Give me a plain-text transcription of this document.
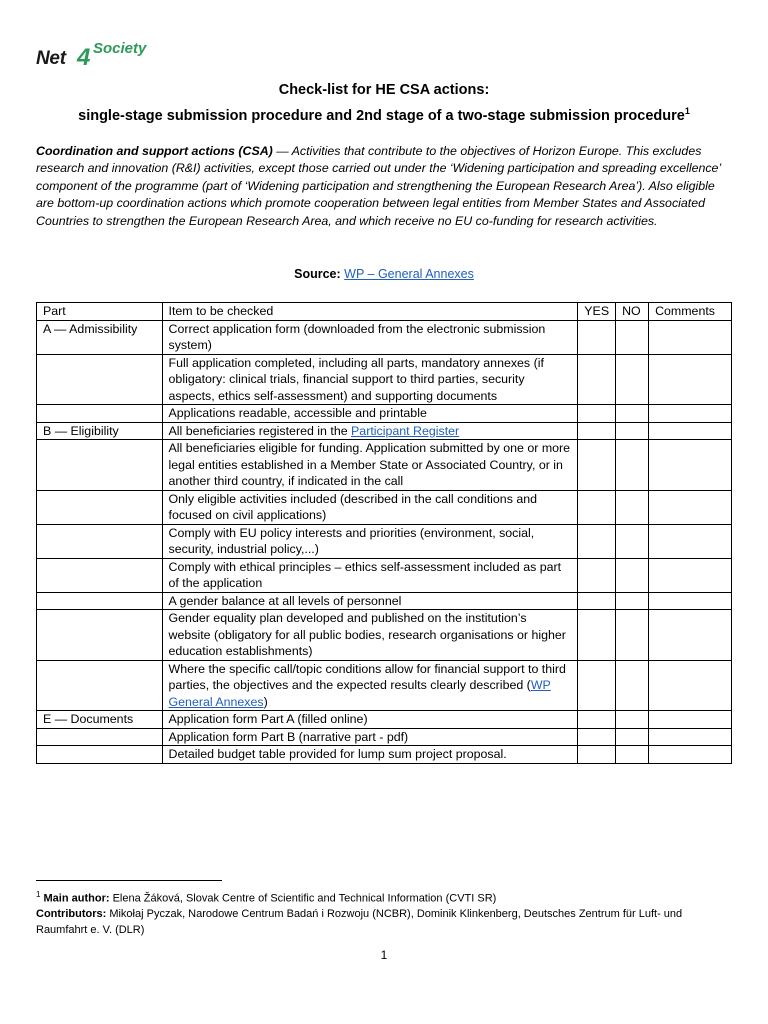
Net 4 Society
Check-list for HE CSA actions:
single-stage submission procedure and 2nd stage of a two-stage submission procedure$^1$
Coordination and support actions (CSA) — Activities that contribute to the objectives of Horizon Europe. This excludes research and innovation (R&I) activities, except those carried out under the ‘Widening participation and spreading excellence’ component of the programme (part of ‘Widening participation and strengthening the European Research Area’). Also eligible are bottom-up coordination actions which promote cooperation between legal entities from Member States and Associated Countries to strengthen the European Research Area, and which receive no EU co-funding for research activities.
Source: WP – General Annexes
Part	Item to be checked	YES	NO	Comments
A — Admissibility	Correct application form (downloaded from the electronic submission system)			
	Full application completed, including all parts, mandatory annexes (if obligatory: clinical trials, financial support to third parties, security aspects, ethics self-assessment) and supporting documents			
	Applications readable, accessible and printable			
B — Eligibility	All beneficiaries registered in the Participant Register			
	All beneficiaries eligible for funding. Application submitted by one or more legal entities established in a Member State or Associated Country, or in another third country, if indicated in the call			
	Only eligible activities included (described in the call conditions and focused on civil applications)			
	Comply with EU policy interests and priorities (environment, social, security, industrial policy,...)			
	Comply with ethical principles – ethics self-assessment included as part of the application			
	A gender balance at all levels of personnel			
	Gender equality plan developed and published on the institution’s website (obligatory for all public bodies, research organisations or higher education establishments)			
	Where the specific call/topic conditions allow for financial support to third parties, the objectives and the expected results clearly described (WP General Annexes)			
E — Documents	Application form Part A (filled online)			
	Application form Part B (narrative part - pdf)			
	Detailed budget table provided for lump sum project proposal.			
$^1$ Main author: Elena Žáková, Slovak Centre of Scientific and Technical Information (CVTI SR)
Contributors: Mikołaj Pyczak, Narodowe Centrum Badań i Rozwoju (NCBR), Dominik Klinkenberg, Deutsches Zentrum für Luft- und Raumfahrt e. V. (DLR)
1
